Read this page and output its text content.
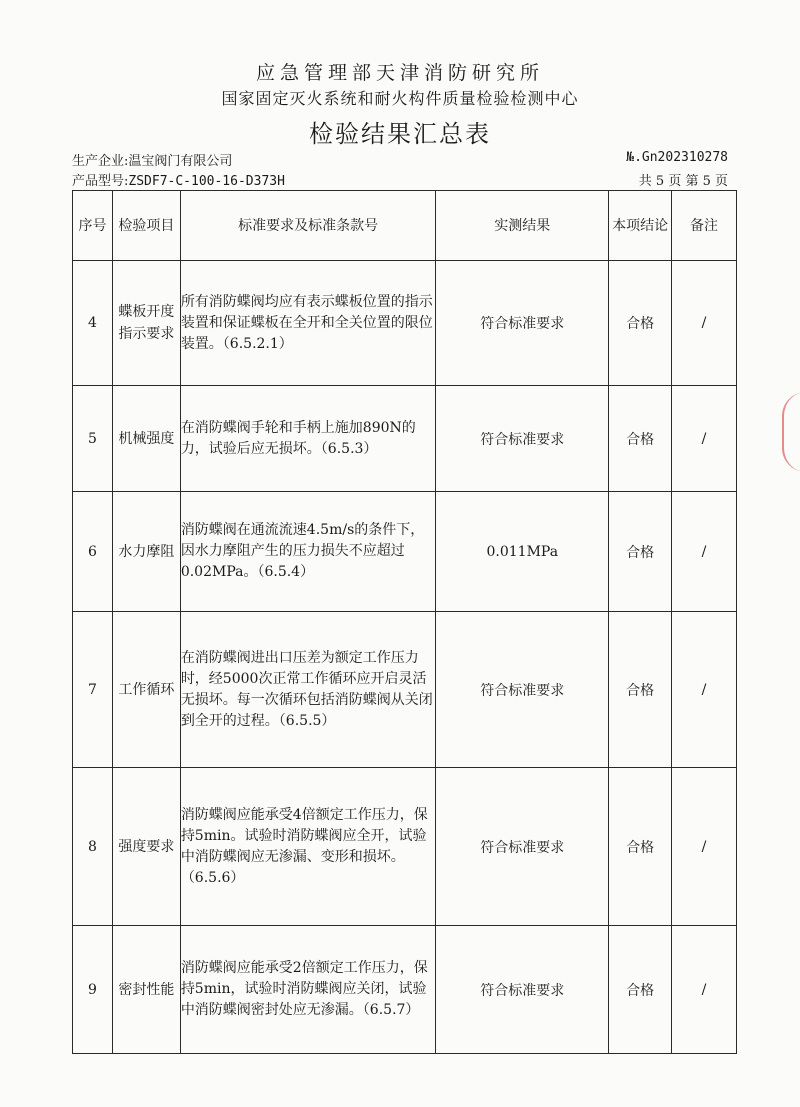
应急管理部天津消防研究所
国家固定灭火系统和耐火构件质量检验检测中心
检验结果汇总表
生产企业:温宝阀门有限公司
产品型号:ZSDF7-C-100-16-D373H
№.Gn202310278
共 5 页 第 5 页
序号	检验项目	标准要求及标准条款号	实测结果	本项结论	备注
4	蝶板开度指示要求	所有消防蝶阀均应有表示蝶板位置的指示装置和保证蝶板在全开和全关位置的限位装置。（6.5.2.1）	符合标准要求	合格	/
5	机械强度	在消防蝶阀手轮和手柄上施加890N的力，试验后应无损坏。（6.5.3）	符合标准要求	合格	/
6	水力摩阻	消防蝶阀在通流流速4.5m/s的条件下，因水力摩阻产生的压力损失不应超过0.02MPa。（6.5.4）	0.011MPa	合格	/
7	工作循环	在消防蝶阀进出口压差为额定工作压力时，经5000次正常工作循环应开启灵活无损坏。每一次循环包括消防蝶阀从关闭到全开的过程。（6.5.5）	符合标准要求	合格	/
8	强度要求	消防蝶阀应能承受4倍额定工作压力，保持5min。试验时消防蝶阀应全开，试验中消防蝶阀应无渗漏、变形和损坏。（6.5.6）	符合标准要求	合格	/
9	密封性能	消防蝶阀应能承受2倍额定工作压力，保持5min，试验时消防蝶阀应关闭，试验中消防蝶阀密封处应无渗漏。（6.5.7）	符合标准要求	合格	/
